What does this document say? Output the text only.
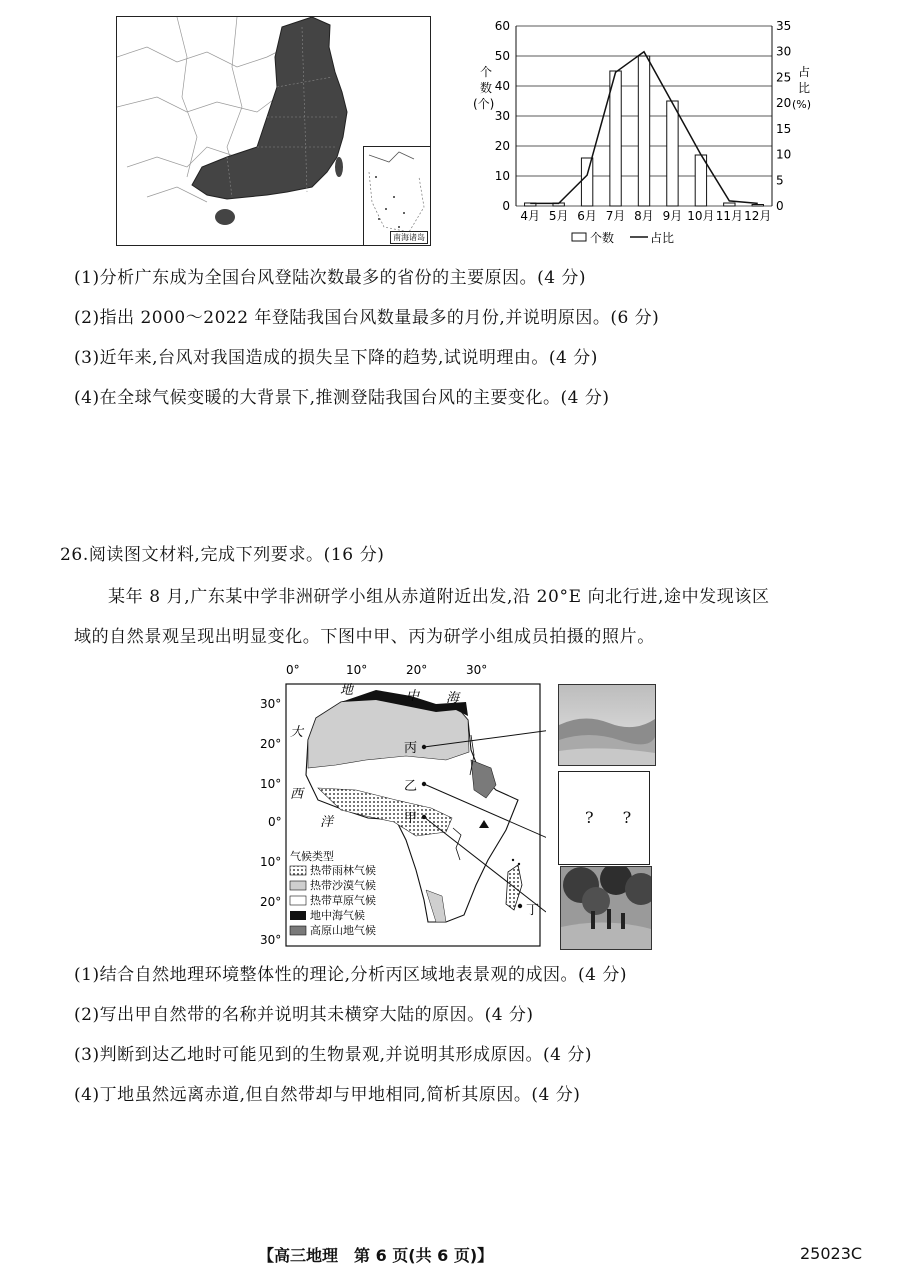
南海诸岛
0
10
20
30
40
50
60
0
5
10
15
20
25
30
35
4月 5月 6月 7月 8月 9月 10月 11月 12月
个
数
(个)
占
比
(%)
个数	占比
(1)分析广东成为全国台风登陆次数最多的省份的主要原因。(4 分)
(2)指出 2000～2022 年登陆我国台风数量最多的月份,并说明原因。(6 分)
(3)近年来,台风对我国造成的损失呈下降的趋势,试说明理由。(4 分)
(4)在全球气候变暖的大背景下,推测登陆我国台风的主要变化。(4 分)
26.阅读图文材料,完成下列要求。(16 分)
某年 8 月,广东某中学非洲研学小组从赤道附近出发,沿 20°E 向北行进,途中发现该区
域的自然景观呈现出明显变化。下图中甲、丙为研学小组成员拍摄的照片。
0°	10°	20°	30°
30°
20°
10°
0°
10°
20°
30°
地	中 海
大
西
洋
丙
乙
甲
丁
气候类型
热带雨林气候
热带沙漠气候
热带草原气候
地中海气候
高原山地气候
? ?
(1)结合自然地理环境整体性的理论,分析丙区域地表景观的成因。(4 分)
(2)写出甲自然带的名称并说明其未横穿大陆的原因。(4 分)
(3)判断到达乙地时可能见到的生物景观,并说明其形成原因。(4 分)
(4)丁地虽然远离赤道,但自然带却与甲地相同,简析其原因。(4 分)
【高三地理　第 6 页(共 6 页)】	25023C
